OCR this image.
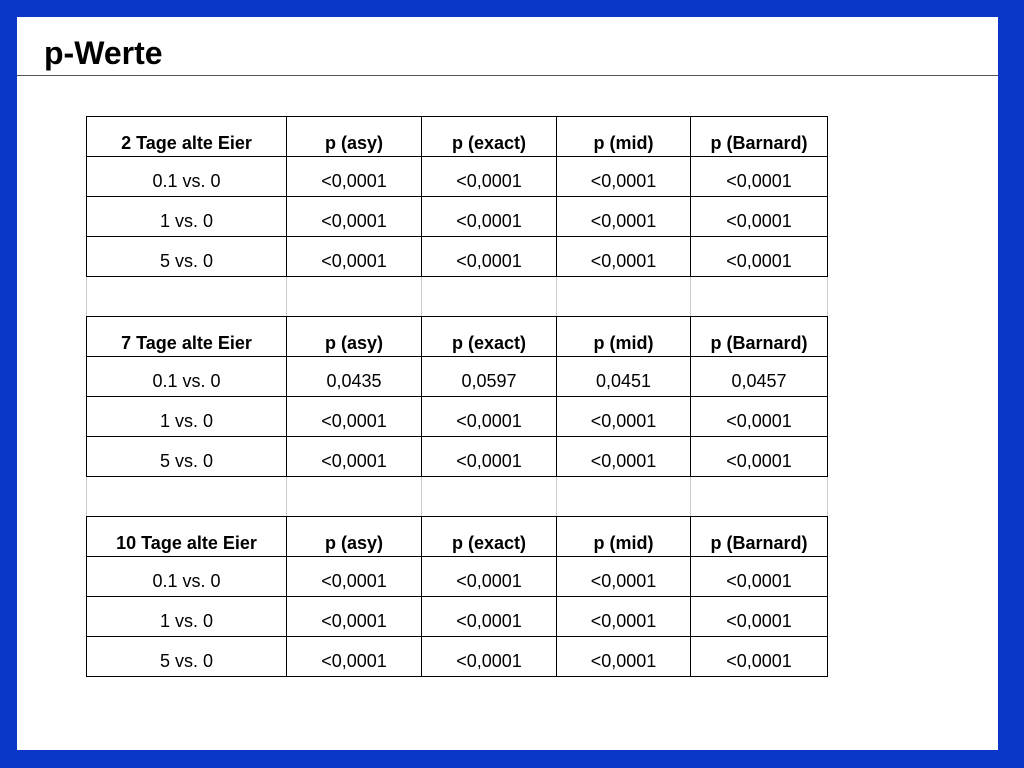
p-Werte
2 Tage alte Eier	p (asy)	p (exact)	p (mid)	p (Barnard)
0.1 vs. 0	<0,0001	<0,0001	<0,0001	<0,0001
1 vs. 0	<0,0001	<0,0001	<0,0001	<0,0001
5 vs. 0	<0,0001	<0,0001	<0,0001	<0,0001

7 Tage alte Eier	p (asy)	p (exact)	p (mid)	p (Barnard)
0.1 vs. 0	0,0435	0,0597	0,0451	0,0457
1 vs. 0	<0,0001	<0,0001	<0,0001	<0,0001
5 vs. 0	<0,0001	<0,0001	<0,0001	<0,0001

10 Tage alte Eier	p (asy)	p (exact)	p (mid)	p (Barnard)
0.1 vs. 0	<0,0001	<0,0001	<0,0001	<0,0001
1 vs. 0	<0,0001	<0,0001	<0,0001	<0,0001
5 vs. 0	<0,0001	<0,0001	<0,0001	<0,0001
